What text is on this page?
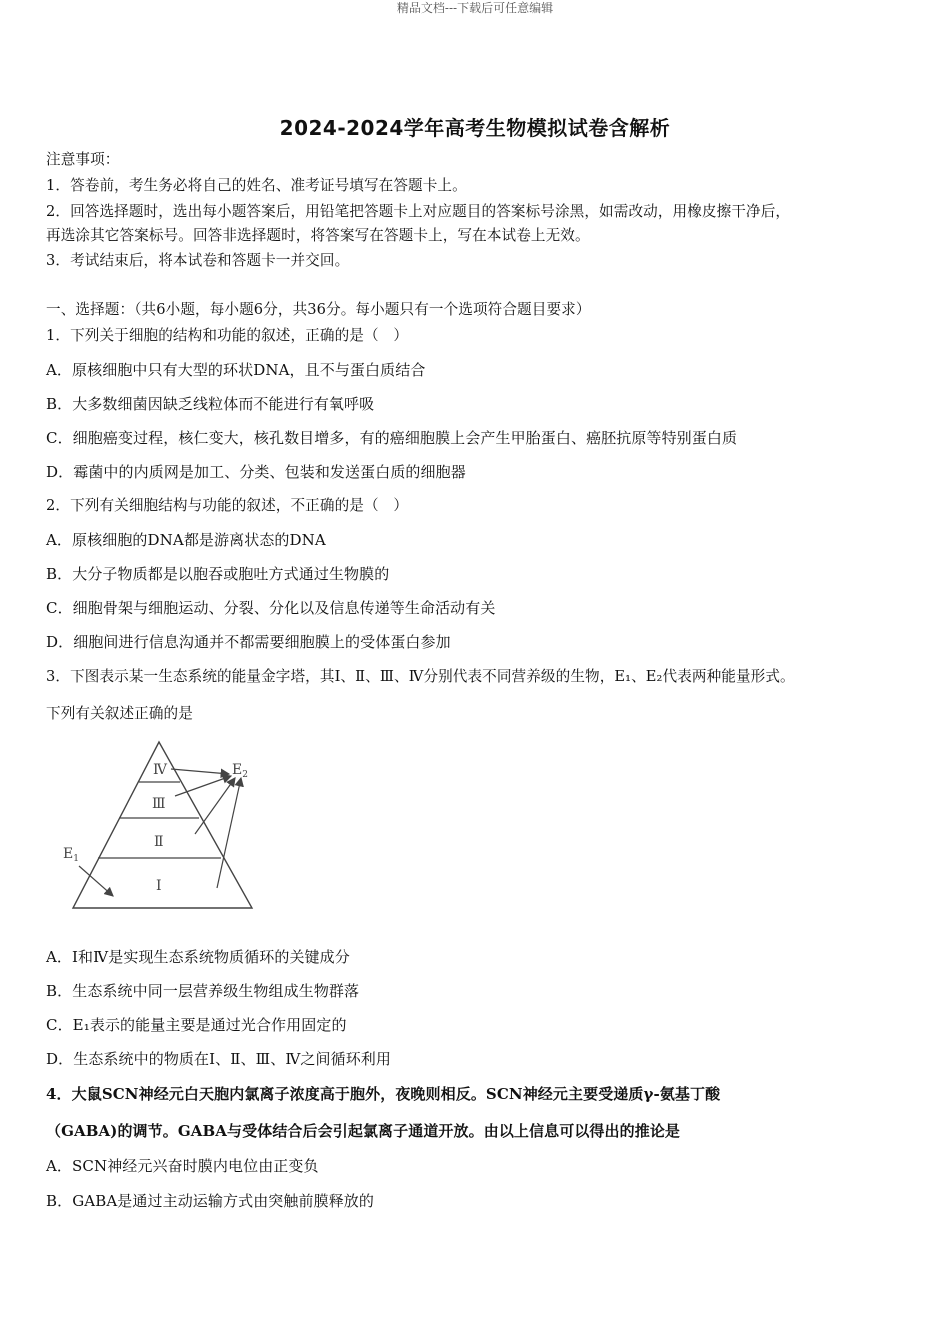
精品文档---下载后可任意编辑
2024-2024学年高考生物模拟试卷含解析
注意事项：
1．答卷前，考生务必将自己的姓名、准考证号填写在答题卡上。
2．回答选择题时，选出每小题答案后，用铅笔把答题卡上对应题目的答案标号涂黑，如需改动，用橡皮擦干净后，
再选涂其它答案标号。回答非选择题时，将答案写在答题卡上，写在本试卷上无效。
3．考试结束后，将本试卷和答题卡一并交回。
一、选择题：（共6小题，每小题6分，共36分。每小题只有一个选项符合题目要求）
1．下列关于细胞的结构和功能的叙述，正确的是（　）
A．原核细胞中只有大型的环状DNA，且不与蛋白质结合
B．大多数细菌因缺乏线粒体而不能进行有氧呼吸
C．细胞癌变过程，核仁变大，核孔数目增多，有的癌细胞膜上会产生甲胎蛋白、癌胚抗原等特别蛋白质
D．霉菌中的内质网是加工、分类、包装和发送蛋白质的细胞器
2．下列有关细胞结构与功能的叙述，不正确的是（　）
A．原核细胞的DNA都是游离状态的DNA
B．大分子物质都是以胞吞或胞吐方式通过生物膜的
C．细胞骨架与细胞运动、分裂、分化以及信息传递等生命活动有关
D．细胞间进行信息沟通并不都需要细胞膜上的受体蛋白参加
3．下图表示某一生态系统的能量金字塔，其Ⅰ、Ⅱ、Ⅲ、Ⅳ分别代表不同营养级的生物，E₁、E₂代表两种能量形式。
下列有关叙述正确的是
Ⅳ
Ⅲ
Ⅱ
Ⅰ
$E_2$
$E_1$
A．Ⅰ和Ⅳ是实现生态系统物质循环的关键成分
B．生态系统中同一层营养级生物组成生物群落
C．E₁表示的能量主要是通过光合作用固定的
D．生态系统中的物质在Ⅰ、Ⅱ、Ⅲ、Ⅳ之间循环利用
4．大鼠SCN神经元白天胞内氯离子浓度高于胞外，夜晚则相反。SCN神经元主要受递质γ-氨基丁酸
（GABA)的调节。GABA与受体结合后会引起氯离子通道开放。由以上信息可以得出的推论是
A．SCN神经元兴奋时膜内电位由正变负
B．GABA是通过主动运输方式由突触前膜释放的
